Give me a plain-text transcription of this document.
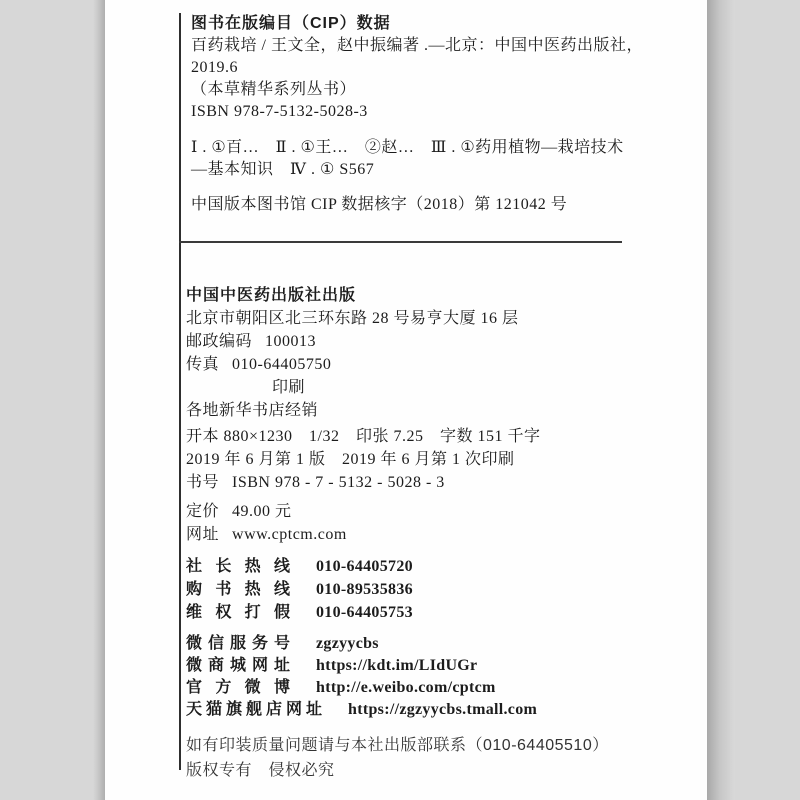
图书在版编目（CIP）数据
百药栽培 / 王文全，赵中振编著 .—北京：中国中医药出版社，
2019.6
（本草精华系列丛书）
ISBN 978-7-5132-5028-3
Ⅰ . ①百…　Ⅱ . ①王…　②赵…　Ⅲ . ①药用植物—栽培技术
—基本知识　Ⅳ . ① S567
中国版本图书馆 CIP 数据核字（2018）第 121042 号
中国中医药出版社出版
北京市朝阳区北三环东路 28 号易亨大厦 16 层
邮政编码 100013
传真 010-64405750
印刷
各地新华书店经销
开本 880×1230　1/32　印张 7.25　字数 151 千字
2019 年 6 月第 1 版　2019 年 6 月第 1 次印刷
书号 ISBN 978 - 7 - 5132 - 5028 - 3
定价 49.00 元
网址 www.cptcm.com
社长热线 010-64405720
购书热线 010-89535836
维权打假 010-64405753
微信服务号 zgzyycbs
微商城网址 https://kdt.im/LIdUGr
官方微博 http://e.weibo.com/cptcm
天猫旗舰店网址 https://zgzyycbs.tmall.com
如有印装质量问题请与本社出版部联系（010-64405510）
版权专有　侵权必究
